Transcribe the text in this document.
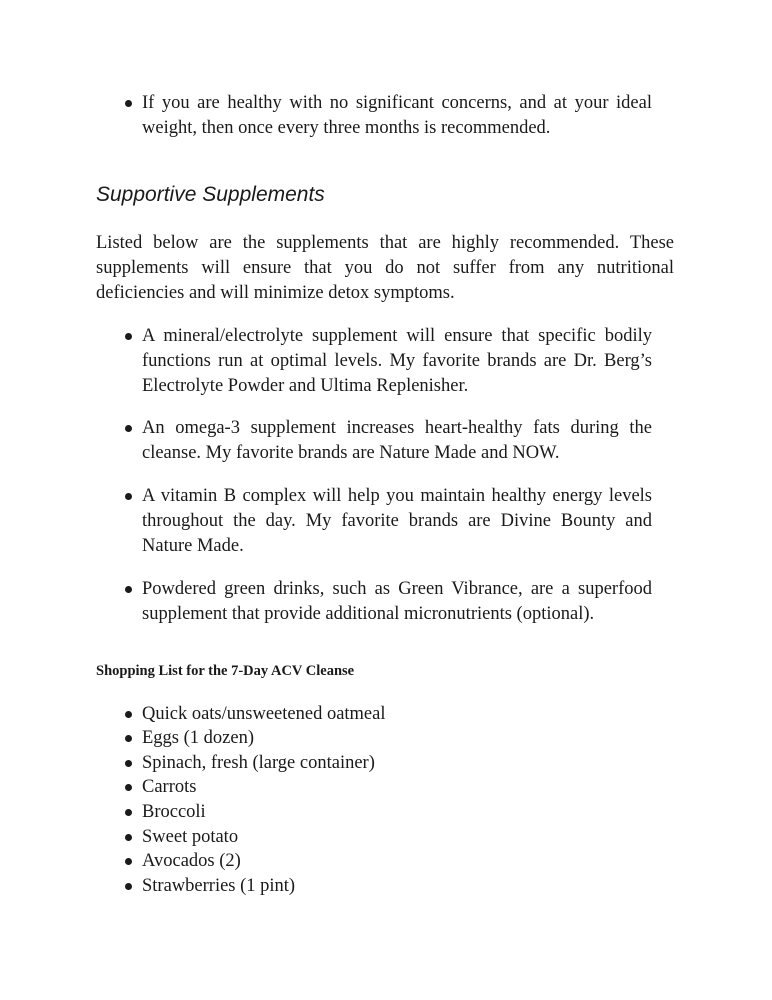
If you are healthy with no significant concerns, and at your ideal weight, then once every three months is recommended.
Supportive Supplements

Listed below are the supplements that are highly recommended. These supplements will ensure that you do not suffer from any nutritional deficiencies and will minimize detox symptoms.

A mineral/electrolyte supplement will ensure that specific bodily functions run at optimal levels. My favorite brands are Dr. Berg’s Electrolyte Powder and Ultima Replenisher.
An omega-3 supplement increases heart-healthy fats during the cleanse. My favorite brands are Nature Made and NOW.
A vitamin B complex will help you maintain healthy energy levels throughout the day. My favorite brands are Divine Bounty and Nature Made.
Powdered green drinks, such as Green Vibrance, are a superfood supplement that provide additional micronutrients (optional).
Shopping List for the 7-Day ACV Cleanse
Quick oats/unsweetened oatmeal
Eggs (1 dozen)
Spinach, fresh (large container)
Carrots
Broccoli
Sweet potato
Avocados (2)
Strawberries (1 pint)
